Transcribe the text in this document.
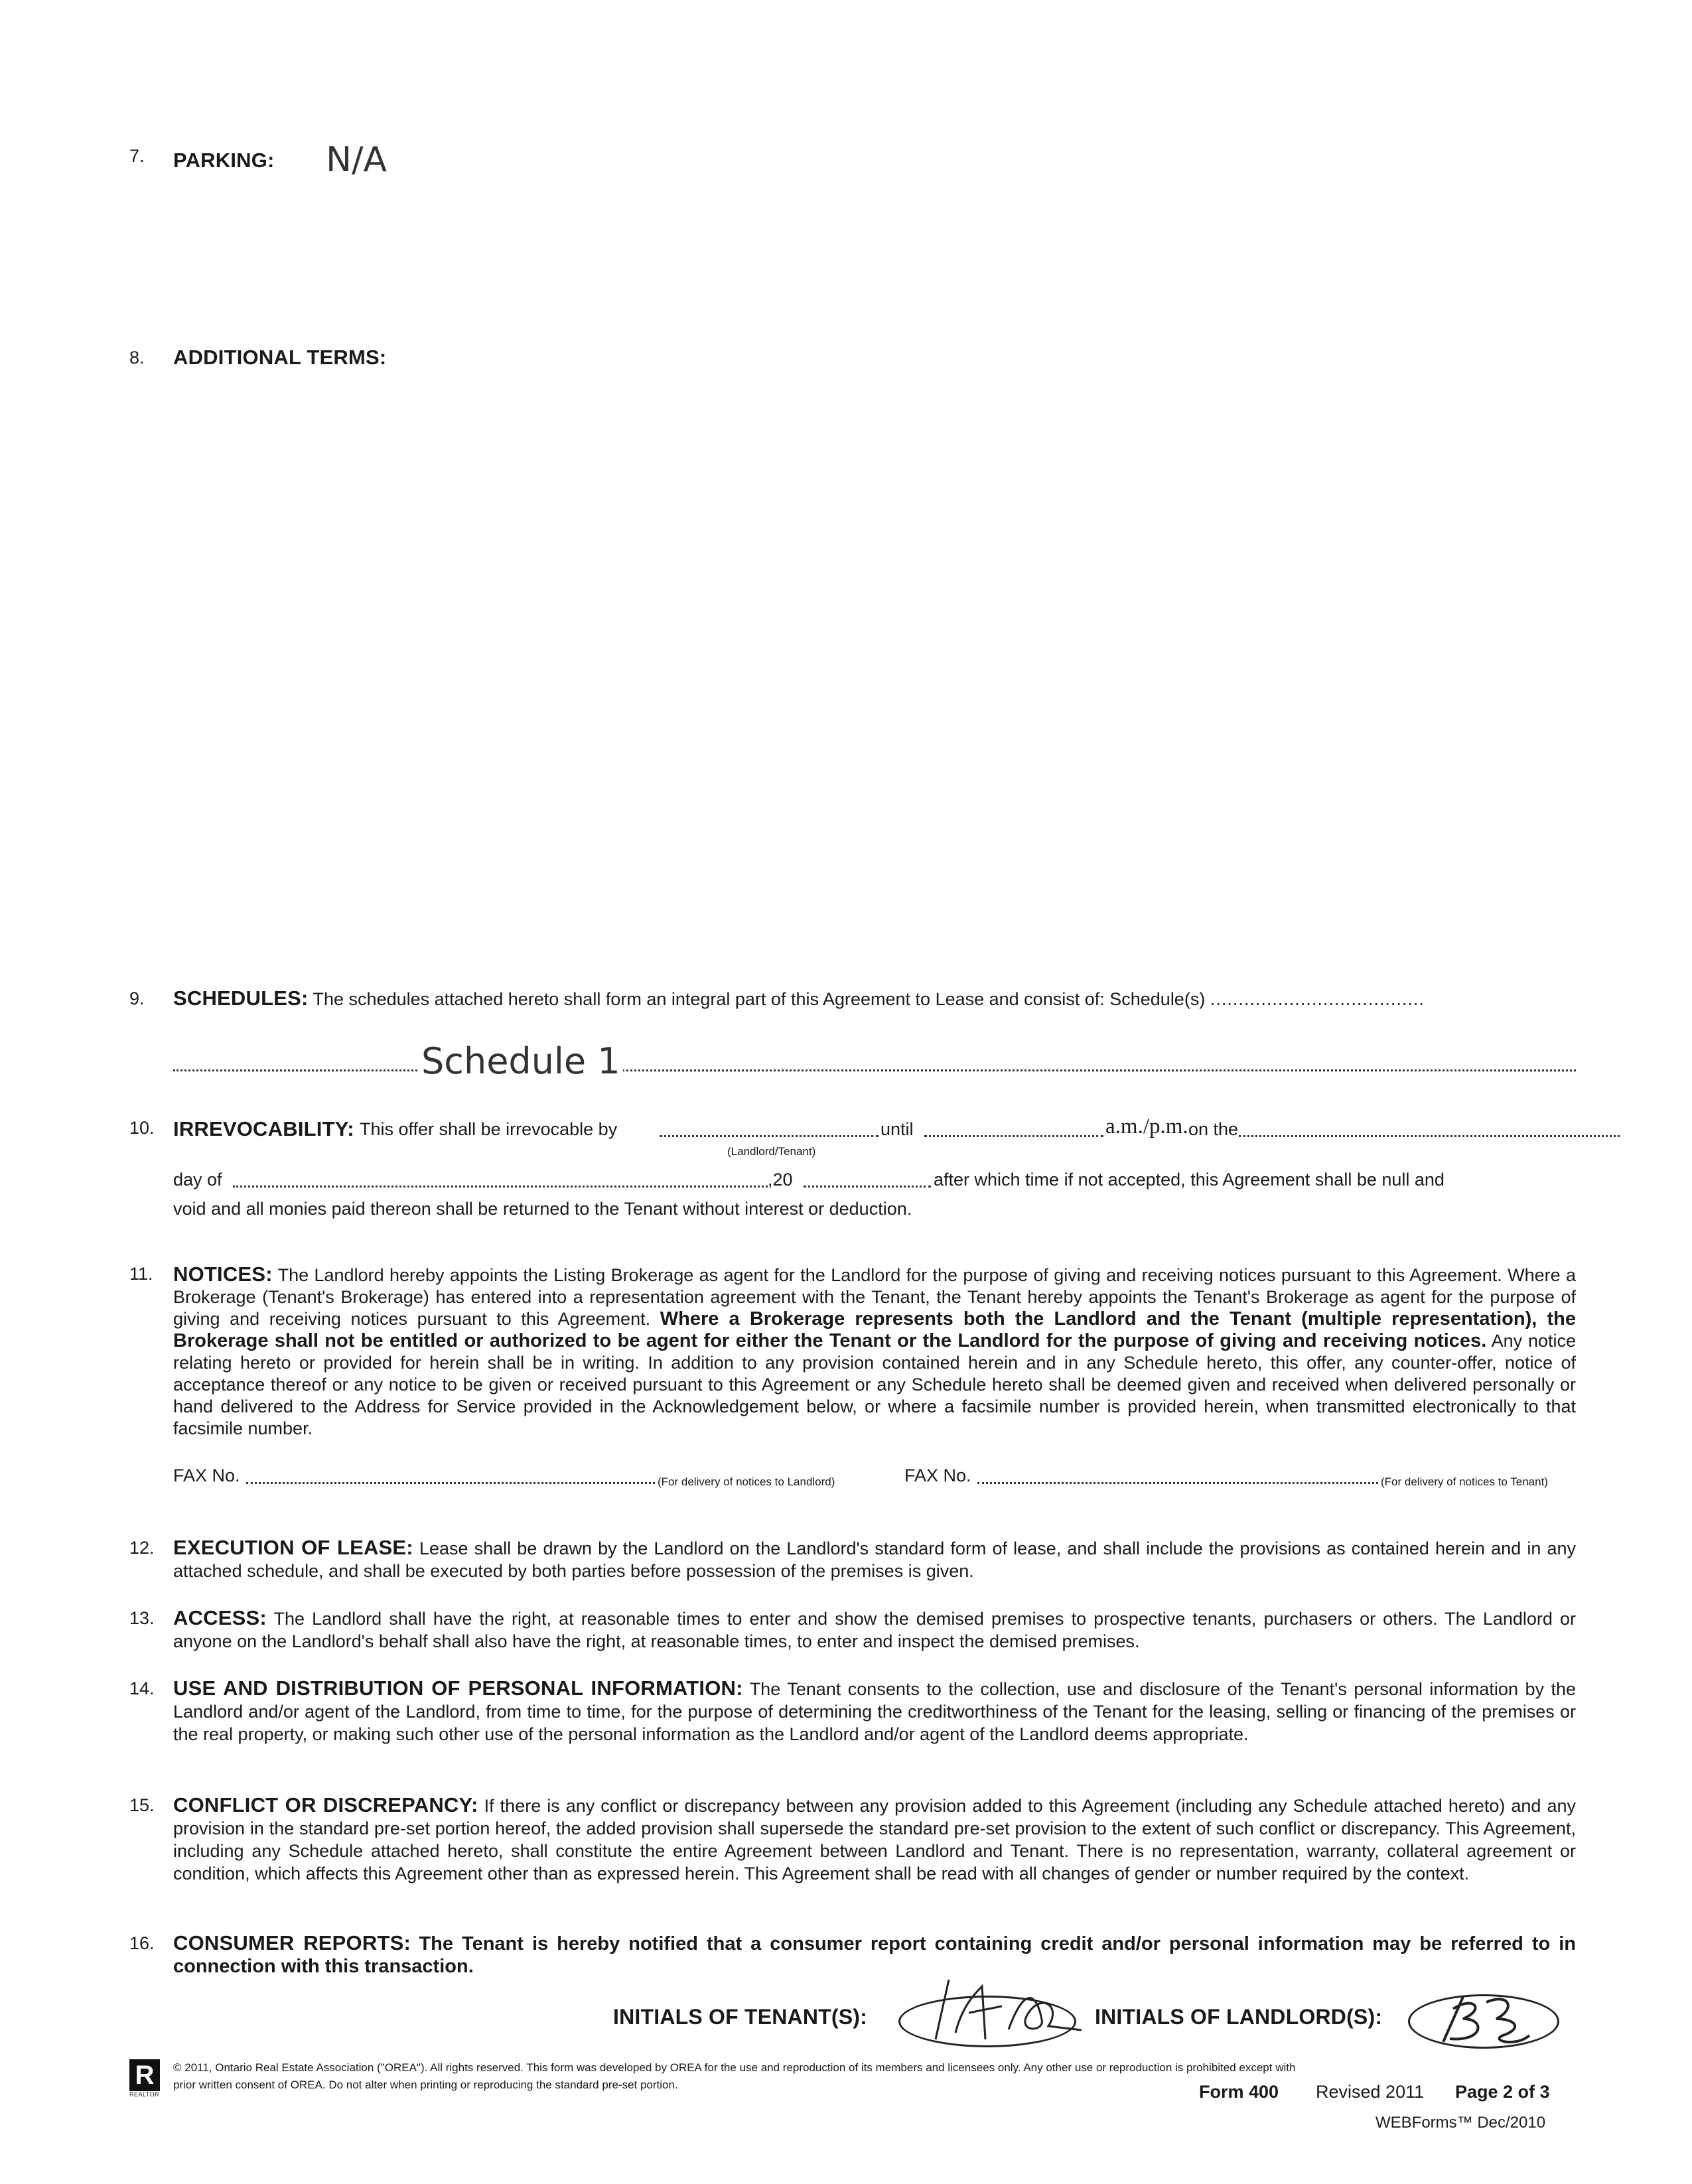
7.	PARKING: N/A
8.	ADDITIONAL TERMS:
9.	SCHEDULES: The schedules attached hereto shall form an integral part of this Agreement to Lease and consist of: Schedule(s) ......................................
Schedule 1
10. IRREVOCABILITY: This offer shall be irrevocable by
(Landlord/Tenant)
until	a.m./p.m. on the
day of	,20	after which time if not accepted, this Agreement shall be null and
void and all monies paid thereon shall be returned to the Tenant without interest or deduction.
11. NOTICES: The Landlord hereby appoints the Listing Brokerage as agent for the Landlord for the purpose of giving and receiving notices pursuant to this Agreement. Where a Brokerage (Tenant's Brokerage) has entered into a representation agreement with the Tenant, the Tenant hereby appoints the Tenant's Brokerage as agent for the purpose of giving and receiving notices pursuant to this Agreement. Where a Brokerage represents both the Landlord and the Tenant (multiple representation), the Brokerage shall not be entitled or authorized to be agent for either the Tenant or the Landlord for the purpose of giving and receiving notices. Any notice relating hereto or provided for herein shall be in writing. In addition to any provision contained herein and in any Schedule hereto, this offer, any counter-offer, notice of acceptance thereof or any notice to be given or received pursuant to this Agreement or any Schedule hereto shall be deemed given and received when delivered personally or hand delivered to the Address for Service provided in the Acknowledgement below, or where a facsimile number is provided herein, when transmitted electronically to that facsimile number.
FAX No.	(For delivery of notices to Landlord)	FAX No.	(For delivery of notices to Tenant)
12. EXECUTION OF LEASE: Lease shall be drawn by the Landlord on the Landlord's standard form of lease, and shall include the provisions as contained herein and in any attached schedule, and shall be executed by both parties before possession of the premises is given.
13. ACCESS: The Landlord shall have the right, at reasonable times to enter and show the demised premises to prospective tenants, purchasers or others. The Landlord or anyone on the Landlord's behalf shall also have the right, at reasonable times, to enter and inspect the demised premises.
14. USE AND DISTRIBUTION OF PERSONAL INFORMATION: The Tenant consents to the collection, use and disclosure of the Tenant's personal information by the Landlord and/or agent of the Landlord, from time to time, for the purpose of determining the creditworthiness of the Tenant for the leasing, selling or financing of the premises or the real property, or making such other use of the personal information as the Landlord and/or agent of the Landlord deems appropriate.
15. CONFLICT OR DISCREPANCY: If there is any conflict or discrepancy between any provision added to this Agreement (including any Schedule attached hereto) and any provision in the standard pre-set portion hereof, the added provision shall supersede the standard pre-set provision to the extent of such conflict or discrepancy. This Agreement, including any Schedule attached hereto, shall constitute the entire Agreement between Landlord and Tenant. There is no representation, warranty, collateral agreement or condition, which affects this Agreement other than as expressed herein. This Agreement shall be read with all changes of gender or number required by the context.
16. CONSUMER REPORTS: The Tenant is hereby notified that a consumer report containing credit and/or personal information may be referred to in connection with this transaction.
INITIALS OF TENANT(S):	INITIALS OF LANDLORD(S):
R
REALTOR
© 2011, Ontario Real Estate Association ("OREA"). All rights reserved. This form was developed by OREA for the use and reproduction of its members and licensees only. Any other use or reproduction is prohibited except with prior written consent of OREA. Do not alter when printing or reproducing the standard pre-set portion.	Form 400 Revised 2011 Page 2 of 3
WEBForms™ Dec/2010
